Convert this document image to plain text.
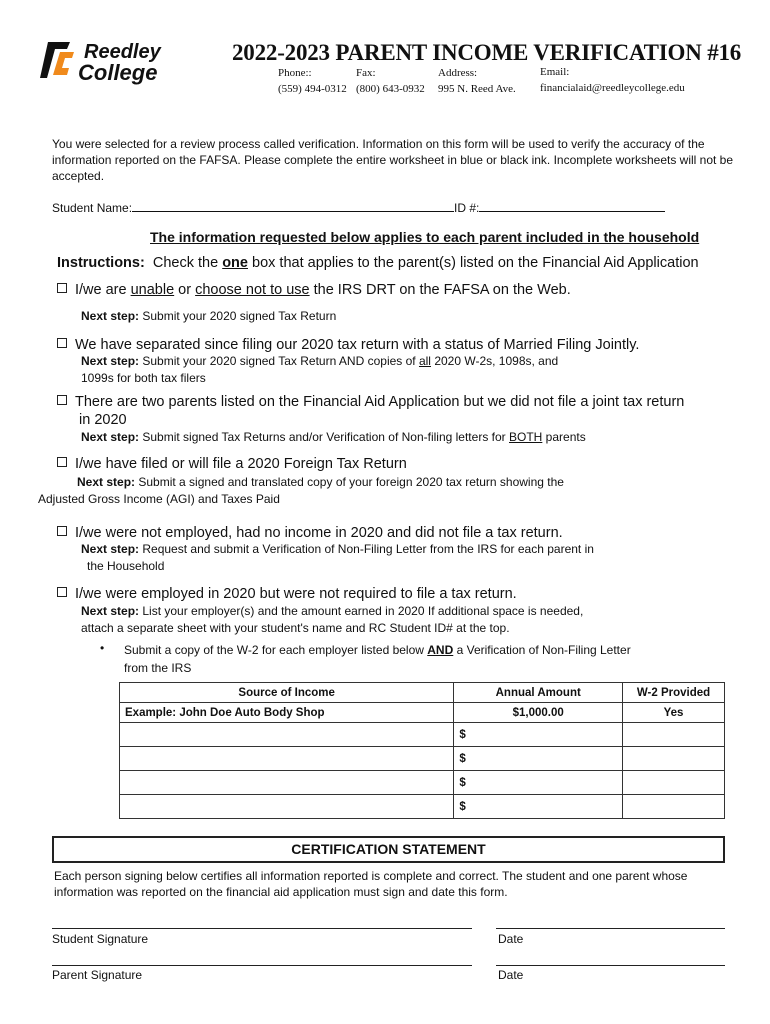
Reedley
College
2022-2023 PARENT INCOME VERIFICATION #16
Phone::
(559) 494-0312
Fax:
(800) 643-0932
Address:
995 N. Reed Ave.
Email:
financialaid@reedleycollege.edu
You were selected for a review process called verification. Information on this form will be used to verify the accuracy of the information reported on the FAFSA. Please complete the entire worksheet in blue or black ink. Incomplete worksheets will not be accepted.
Student Name:	ID #:
The information requested below applies to each parent included in the household
Instructions: Check the one box that applies to the parent(s) listed on the Financial Aid Application
I/we are unable or choose not to use the IRS DRT on the FAFSA on the Web.
Next step: Submit your 2020 signed Tax Return
We have separated since filing our 2020 tax return with a status of Married Filing Jointly.
Next step: Submit your 2020 signed Tax Return AND copies of all 2020 W-2s, 1098s, and
1099s for both tax filers
There are two parents listed on the Financial Aid Application but we did not file a joint tax return
in 2020
Next step: Submit signed Tax Returns and/or Verification of Non-filing letters for BOTH parents
I/we have filed or will file a 2020 Foreign Tax Return
Next step: Submit a signed and translated copy of your foreign 2020 tax return showing the
Adjusted Gross Income (AGI) and Taxes Paid
I/we were not employed, had no income in 2020 and did not file a tax return.
Next step: Request and submit a Verification of Non-Filing Letter from the IRS for each parent in
the Household
I/we were employed in 2020 but were not required to file a tax return.
Next step: List your employer(s) and the amount earned in 2020 If additional space is needed,
attach a separate sheet with your student's name and RC Student ID# at the top.
• Submit a copy of the W-2 for each employer listed below AND a Verification of Non-Filing Letter
from the IRS
Source of Income	Annual Amount	W-2 Provided
Example: John Doe Auto Body Shop	$1,000.00	Yes
	$	
	$	
	$	
	$	
CERTIFICATION STATEMENT
Each person signing below certifies all information reported is complete and correct. The student and one parent whose information was reported on the financial aid application must sign and date this form.
Student Signature	Date
Parent Signature	Date
